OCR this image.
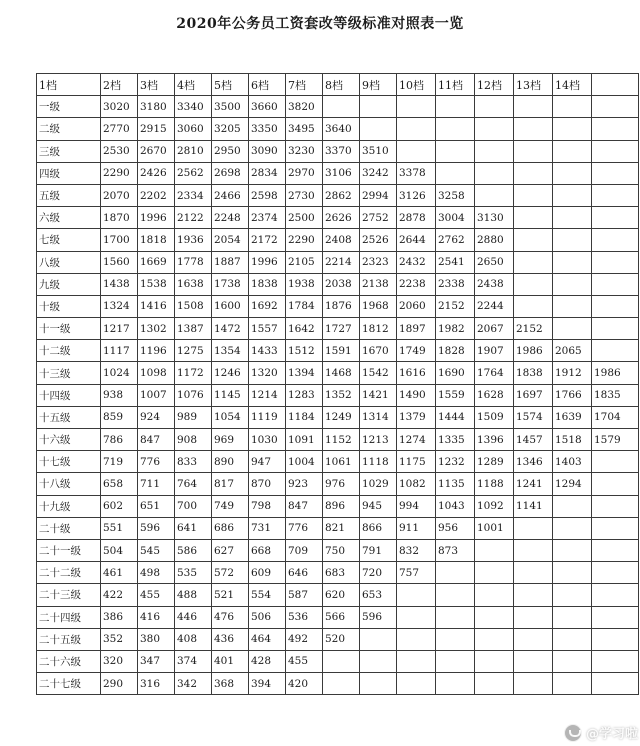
2020年公务员工资套改等级标准对照表一览
1档	2档	3档	4档	5档	6档	7档	8档	9档	10档	11档	12档	13档	14档	
一级	3020	3180	3340	3500	3660	3820								
二级	2770	2915	3060	3205	3350	3495	3640							
三级	2530	2670	2810	2950	3090	3230	3370	3510						
四级	2290	2426	2562	2698	2834	2970	3106	3242	3378					
五级	2070	2202	2334	2466	2598	2730	2862	2994	3126	3258				
六级	1870	1996	2122	2248	2374	2500	2626	2752	2878	3004	3130			
七级	1700	1818	1936	2054	2172	2290	2408	2526	2644	2762	2880			
八级	1560	1669	1778	1887	1996	2105	2214	2323	2432	2541	2650			
九级	1438	1538	1638	1738	1838	1938	2038	2138	2238	2338	2438			
十级	1324	1416	1508	1600	1692	1784	1876	1968	2060	2152	2244			
十一级	1217	1302	1387	1472	1557	1642	1727	1812	1897	1982	2067	2152		
十二级	1117	1196	1275	1354	1433	1512	1591	1670	1749	1828	1907	1986	2065	
十三级	1024	1098	1172	1246	1320	1394	1468	1542	1616	1690	1764	1838	1912	1986
十四级	938	1007	1076	1145	1214	1283	1352	1421	1490	1559	1628	1697	1766	1835
十五级	859	924	989	1054	1119	1184	1249	1314	1379	1444	1509	1574	1639	1704
十六级	786	847	908	969	1030	1091	1152	1213	1274	1335	1396	1457	1518	1579
十七级	719	776	833	890	947	1004	1061	1118	1175	1232	1289	1346	1403	
十八级	658	711	764	817	870	923	976	1029	1082	1135	1188	1241	1294	
十九级	602	651	700	749	798	847	896	945	994	1043	1092	1141		
二十级	551	596	641	686	731	776	821	866	911	956	1001			
二十一级	504	545	586	627	668	709	750	791	832	873				
二十二级	461	498	535	572	609	646	683	720	757					
二十三级	422	455	488	521	554	587	620	653						
二十四级	386	416	446	476	506	536	566	596						
二十五级	352	380	408	436	464	492	520							
二十六级	320	347	374	401	428	455								
二十七级	290	316	342	368	394	420								
@学习啦
